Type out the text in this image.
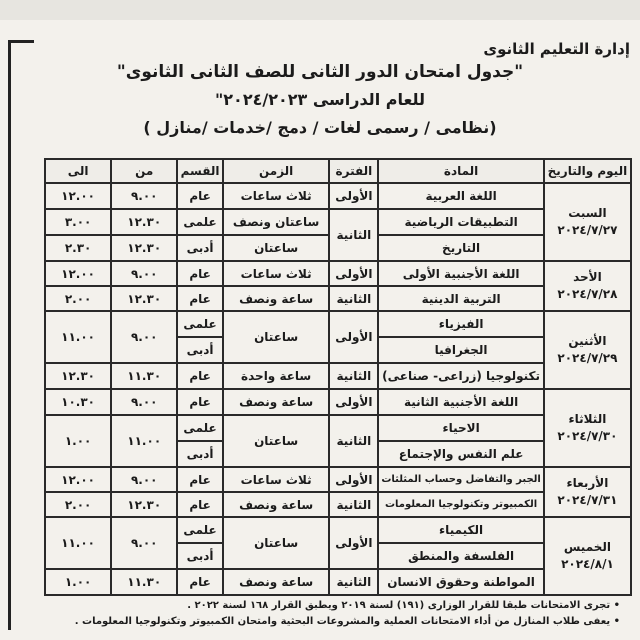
إدارة التعليم الثانوى
"جدول امتحان الدور الثانى للصف الثانى الثانوى"
للعام الدراسى ٢٠٢٤/٢٠٢٣"
(نظامى / رسمى لغات / دمج /خدمات /منازل )
اليوم والتاريخ	المادة	الفترة	الزمن	القسم	من	الى

السبت
٢٠٢٤/٧/٢٧	اللغة العربية	الأولى	ثلاث ساعات	عام	٩.٠٠	١٢.٠٠
	التطبيقات الرياضية	الثانية	ساعتان ونصف	علمى	١٢.٣٠	٣.٠٠
	التاريخ		ساعتان	أدبى	١٢.٣٠	٢.٣٠

الأحد
٢٠٢٤/٧/٢٨	اللغة الأجنبية الأولى	الأولى	ثلاث ساعات	عام	٩.٠٠	١٢.٠٠
	التربية الدينية	الثانية	ساعة ونصف	عام	١٢.٣٠	٢.٠٠

الأثنين
٢٠٢٤/٧/٢٩	الفيزياء	الأولى	ساعتان	علمى	٩.٠٠	١١.٠٠
	الجغرافيا			أدبى		
	تكنولوجيا (زراعى- صناعى)	الثانية	ساعة واحدة	عام	١١.٣٠	١٢.٣٠

الثلاثاء
٢٠٢٤/٧/٣٠	اللغة الأجنبية الثانية	الأولى	ساعة ونصف	عام	٩.٠٠	١٠.٣٠
	الاحياء	الثانية	ساعتان	علمى	١١.٠٠	١.٠٠
	علم النفس والإجتماع			أدبى		

الأربعاء
٢٠٢٤/٧/٣١	الجبر والتفاضل وحساب المثلثات	الأولى	ثلاث ساعات	عام	٩.٠٠	١٢.٠٠
	الكمبيوتر وتكنولوجيا المعلومات	الثانية	ساعة ونصف	عام	١٢.٣٠	٢.٠٠

الخميس
٢٠٢٤/٨/١	الكيمياء	الأولى	ساعتان	علمى	٩.٠٠	١١.٠٠
	الفلسفة والمنطق			أدبى		
	المواطنة وحقوق الانسان	الثانية	ساعة ونصف	عام	١١.٣٠	١.٠٠
• تجرى الامتحانات طبقا للقرار الوزارى (١٩١) لسنة ٢٠١٩ ويطبق القرار ١٦٨ لسنة ٢٠٢٢ .
• يعفى طلاب المنازل من أداء الامتحانات العملية والمشروعات البحثية وامتحان الكمبيوتر وتكنولوجيا المعلومات .
